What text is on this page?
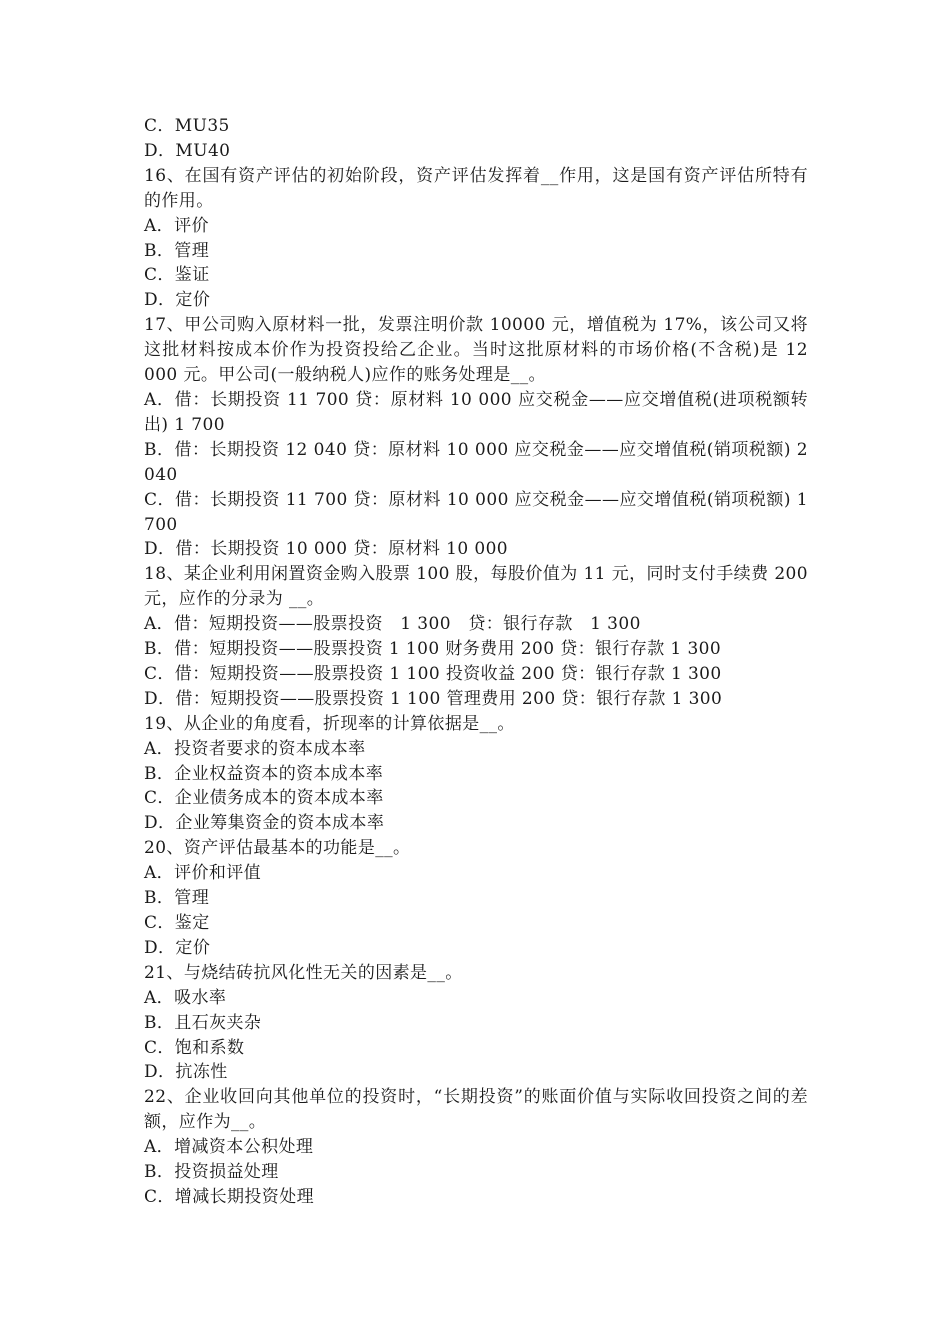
C．MU35

D．MU40

16、在国有资产评估的初始阶段，资产评估发挥着__作用，这是国有资产评估所特有的作用。

A．评价

B．管理

C．鉴证

D．定价

17、甲公司购入原材料一批，发票注明价款 10000 元，增值税为 17%，该公司又将这批材料按成本价作为投资投给乙企业。当时这批原材料的市场价格(不含税)是 12 000 元。甲公司(一般纳税人)应作的账务处理是__。

A．借：长期投资 11 700 贷：原材料 10 000 应交税金——应交增值税(进项税额转出) 1 700

B．借：长期投资 12 040 贷：原材料 10 000 应交税金——应交增值税(销项税额) 2 040

C．借：长期投资 11 700 贷：原材料 10 000 应交税金——应交增值税(销项税额) 1 700

D．借：长期投资 10 000 贷：原材料 10 000

18、某企业利用闲置资金购入股票 100 股，每股价值为 11 元，同时支付手续费 200 元，应作的分录为 __。

A．借：短期投资——股票投资　1 300　贷：银行存款　1 300

B．借：短期投资——股票投资 1 100 财务费用 200 贷：银行存款 1 300

C．借：短期投资——股票投资 1 100 投资收益 200 贷：银行存款 1 300

D．借：短期投资——股票投资 1 100 管理费用 200 贷：银行存款 1 300

19、从企业的角度看，折现率的计算依据是__。

A．投资者要求的资本成本率

B．企业权益资本的资本成本率

C．企业债务成本的资本成本率

D．企业筹集资金的资本成本率

20、资产评估最基本的功能是__。

A．评价和评值

B．管理

C．鉴定

D．定价

21、与烧结砖抗风化性无关的因素是__。

A．吸水率

B．且石灰夹杂

C．饱和系数

D．抗冻性

22、企业收回向其他单位的投资时，“长期投资”的账面价值与实际收回投资之间的差额，应作为__。

A．增减资本公积处理

B．投资损益处理

C．增减长期投资处理
